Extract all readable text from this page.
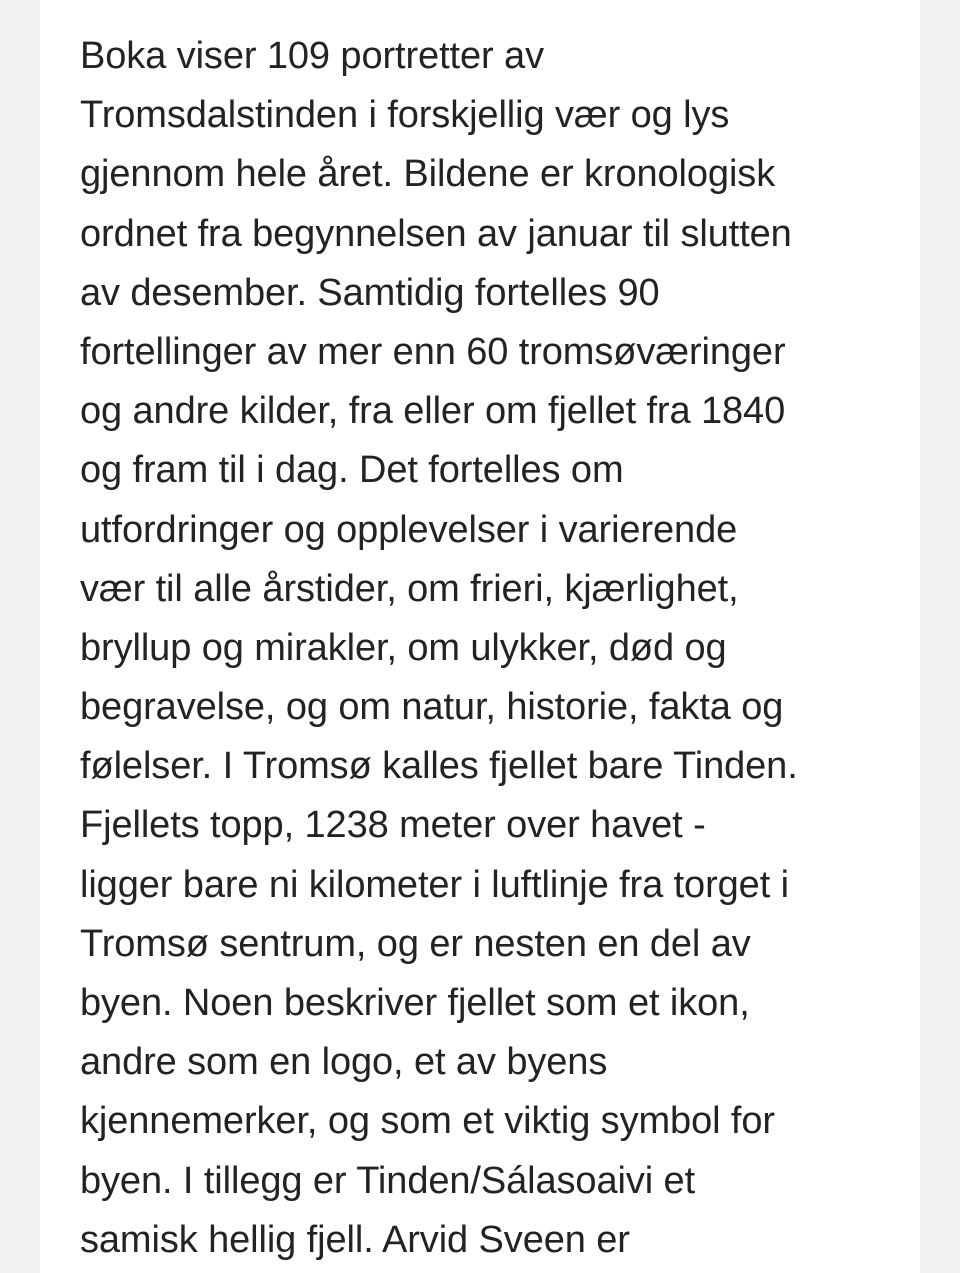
Boka viser 109 portretter av
Tromsdalstinden i forskjellig vær og lys
gjennom hele året. Bildene er kronologisk
ordnet fra begynnelsen av januar til slutten
av desember. Samtidig fortelles 90
fortellinger av mer enn 60 tromsøværinger
og andre kilder, fra eller om fjellet fra 1840
og fram til i dag. Det fortelles om
utfordringer og opplevelser i varierende
vær til alle årstider, om frieri, kjærlighet,
bryllup og mirakler, om ulykker, død og
begravelse, og om natur, historie, fakta og
følelser. I Tromsø kalles fjellet bare Tinden.
Fjellets topp, 1238 meter over havet -
ligger bare ni kilometer i luftlinje fra torget i
Tromsø sentrum, og er nesten en del av
byen. Noen beskriver fjellet som et ikon,
andre som en logo, et av byens
kjennemerker, og som et viktig symbol for
byen. I tillegg er Tinden/Sálasoaivi et
samisk hellig fjell. Arvid Sveen er
